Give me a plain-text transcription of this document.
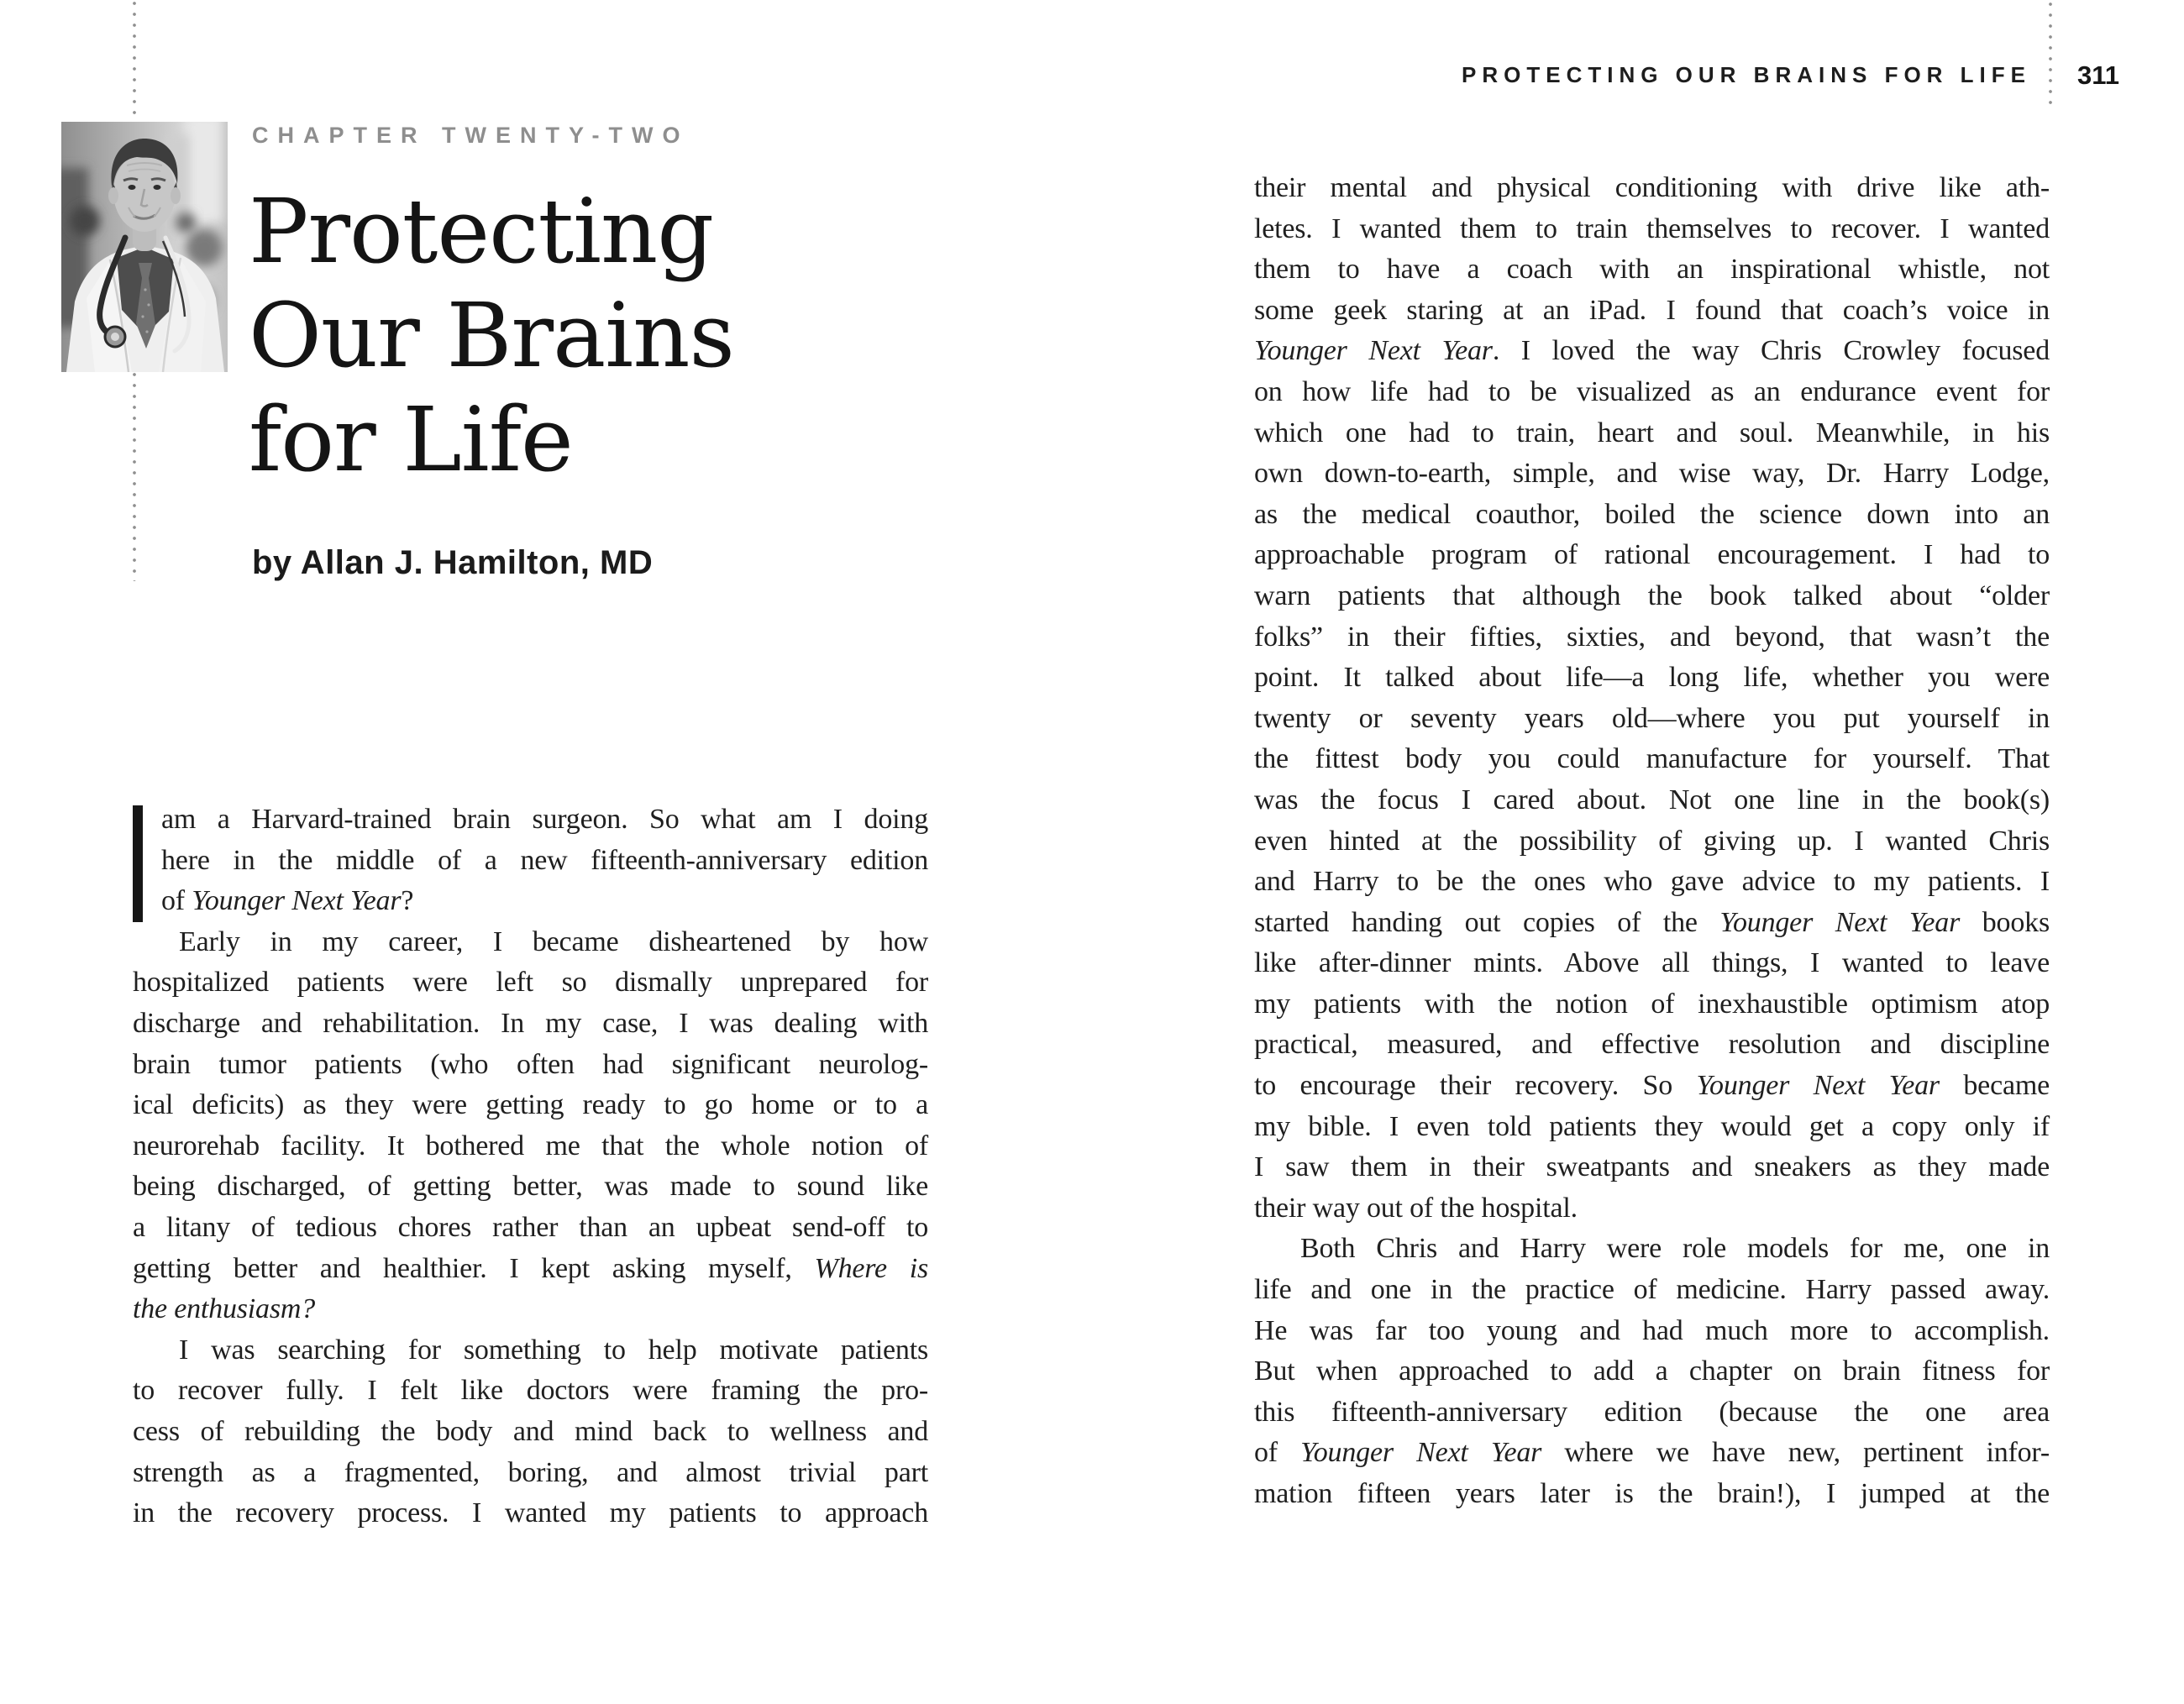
CHAPTER TWENTY-TWO
Protecting
Our Brains
for Life
by Allan J. Hamilton, MD
am a Harvard-trained brain surgeon. So what am I doing
here in the middle of a new fifteenth-anniversary edition
of Younger Next Year?
Early in my career, I became disheartened by how
hospitalized patients were left so dismally unprepared for
discharge and rehabilitation. In my case, I was dealing with
brain tumor patients (who often had significant neurolog-
ical deficits) as they were getting ready to go home or to a
neurorehab facility. It bothered me that the whole notion of
being discharged, of getting better, was made to sound like
a litany of tedious chores rather than an upbeat send-off to
getting better and healthier. I kept asking myself, Where is
the enthusiasm?
I was searching for something to help motivate patients
to recover fully. I felt like doctors were framing the pro-
cess of rebuilding the body and mind back to wellness and
strength as a fragmented, boring, and almost trivial part
in the recovery process. I wanted my patients to approach
PROTECTING OUR BRAINS FOR LIFE 311
their mental and physical conditioning with drive like ath-
letes. I wanted them to train themselves to recover. I wanted
them to have a coach with an inspirational whistle, not
some geek staring at an iPad. I found that coach’s voice in
Younger Next Year. I loved the way Chris Crowley focused
on how life had to be visualized as an endurance event for
which one had to train, heart and soul. Meanwhile, in his
own down-to-earth, simple, and wise way, Dr. Harry Lodge,
as the medical coauthor, boiled the science down into an
approachable program of rational encouragement. I had to
warn patients that although the book talked about “older
folks” in their fifties, sixties, and beyond, that wasn’t the
point. It talked about life—a long life, whether you were
twenty or seventy years old—where you put yourself in
the fittest body you could manufacture for yourself. That
was the focus I cared about. Not one line in the book(s)
even hinted at the possibility of giving up. I wanted Chris
and Harry to be the ones who gave advice to my patients. I
started handing out copies of the Younger Next Year books
like after-dinner mints. Above all things, I wanted to leave
my patients with the notion of inexhaustible optimism atop
practical, measured, and effective resolution and discipline
to encourage their recovery. So Younger Next Year became
my bible. I even told patients they would get a copy only if
I saw them in their sweatpants and sneakers as they made
their way out of the hospital.
Both Chris and Harry were role models for me, one in
life and one in the practice of medicine. Harry passed away.
He was far too young and had much more to accomplish.
But when approached to add a chapter on brain fitness for
this fifteenth-anniversary edition (because the one area
of Younger Next Year where we have new, pertinent infor-
mation fifteen years later is the brain!), I jumped at the
